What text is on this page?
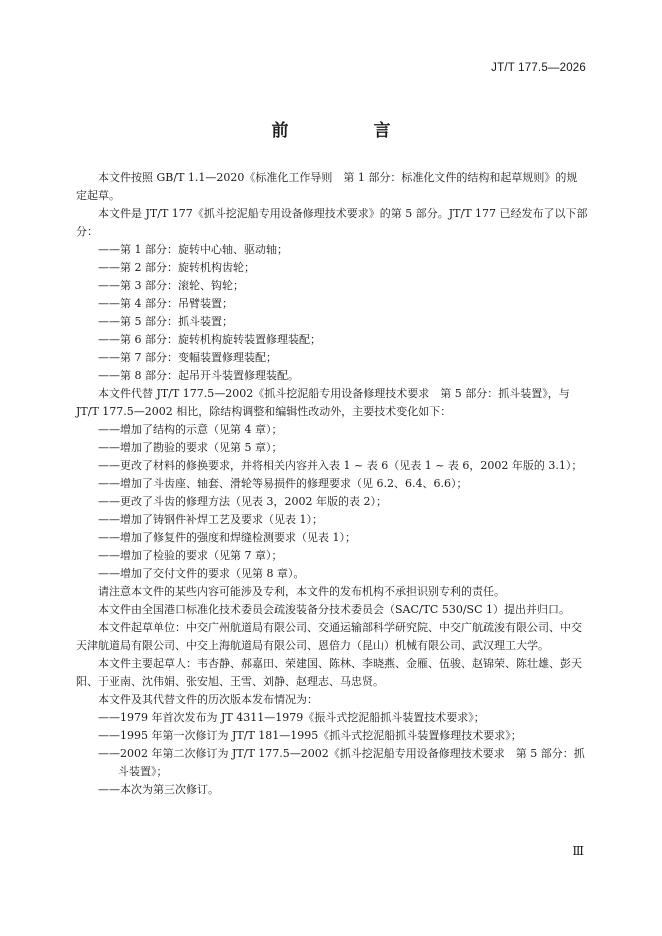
JT/T 177.5—2026
前　言

本文件按照 GB/T 1.1—2020《标准化工作导则　第 1 部分：标准化文件的结构和起草规则》的规定起草。

本文件是 JT/T 177《抓斗挖泥船专用设备修理技术要求》的第 5 部分。JT/T 177 已经发布了以下部分：

——第 1 部分：旋转中心轴、驱动轴；

——第 2 部分：旋转机构齿轮；

——第 3 部分：滚轮、钩轮；

——第 4 部分：吊臂装置；

——第 5 部分：抓斗装置；

——第 6 部分：旋转机构旋转装置修理装配；

——第 7 部分：变幅装置修理装配；

——第 8 部分：起吊开斗装置修理装配。

本文件代替 JT/T 177.5—2002《抓斗挖泥船专用设备修理技术要求　第 5 部分：抓斗装置》，与 JT/T 177.5—2002 相比，除结构调整和编辑性改动外，主要技术变化如下：

——增加了结构的示意（见第 4 章）；

——增加了勘验的要求（见第 5 章）；

——更改了材料的修换要求，并将相关内容并入表 1 ~ 表 6（见表 1 ~ 表 6，2002 年版的 3.1）；

——增加了斗齿座、轴套、滑轮等易损件的修理要求（见 6.2、6.4、6.6）；

——更改了斗齿的修理方法（见表 3，2002 年版的表 2）；

——增加了铸钢件补焊工艺及要求（见表 1）；

——增加了修复件的强度和焊缝检测要求（见表 1）；

——增加了检验的要求（见第 7 章）；

——增加了交付文件的要求（见第 8 章）。

请注意本文件的某些内容可能涉及专利，本文件的发布机构不承担识别专利的责任。

本文件由全国港口标准化技术委员会疏浚装备分技术委员会（SAC/TC 530/SC 1）提出并归口。

本文件起草单位：中交广州航道局有限公司、交通运输部科学研究院、中交广航疏浚有限公司、中交天津航道局有限公司、中交上海航道局有限公司、恩倍力（昆山）机械有限公司、武汉理工大学。

本文件主要起草人：韦杏静、郝嘉田、荣建国、陈林、李晓燕、金雁、伍骏、赵锦荣、陈壮雄、彭天阳、于亚南、沈伟娟、张安旭、王雪、刘静、赵理志、马忠贤。

本文件及其代替文件的历次版本发布情况为：

——1979 年首次发布为 JT 4311—1979《振斗式挖泥船抓斗装置技术要求》；

——1995 年第一次修订为 JT/T 181—1995《抓斗式挖泥船抓斗装置修理技术要求》；

——2002 年第二次修订为 JT/T 177.5—2002《抓斗挖泥船专用设备修理技术要求　第 5 部分：抓斗装置》；

——本次为第三次修订。

Ⅲ
